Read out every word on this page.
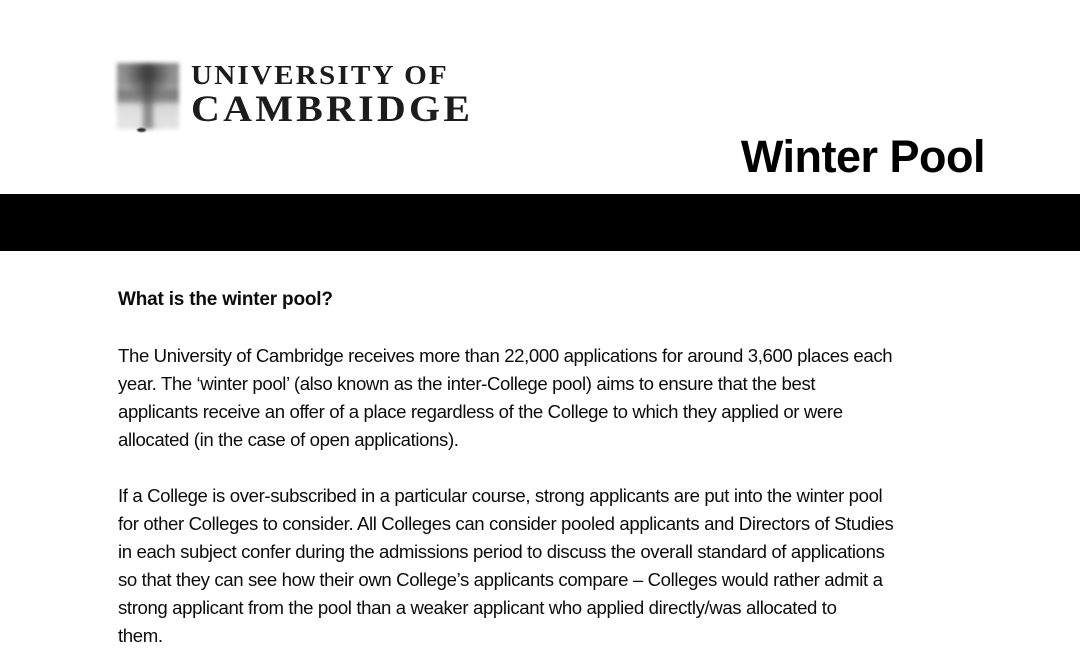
UNIVERSITY OF
CAMBRIDGE
Winter Pool
What is the winter pool?
The University of Cambridge receives more than 22,000 applications for around 3,600 places each
year. The ‘winter pool’ (also known as the inter-College pool) aims to ensure that the best
applicants receive an offer of a place regardless of the College to which they applied or were
allocated (in the case of open applications).
If a College is over-subscribed in a particular course, strong applicants are put into the winter pool
for other Colleges to consider. All Colleges can consider pooled applicants and Directors of Studies
in each subject confer during the admissions period to discuss the overall standard of applications
so that they can see how their own College’s applicants compare – Colleges would rather admit a
strong applicant from the pool than a weaker applicant who applied directly/was allocated to
them.
